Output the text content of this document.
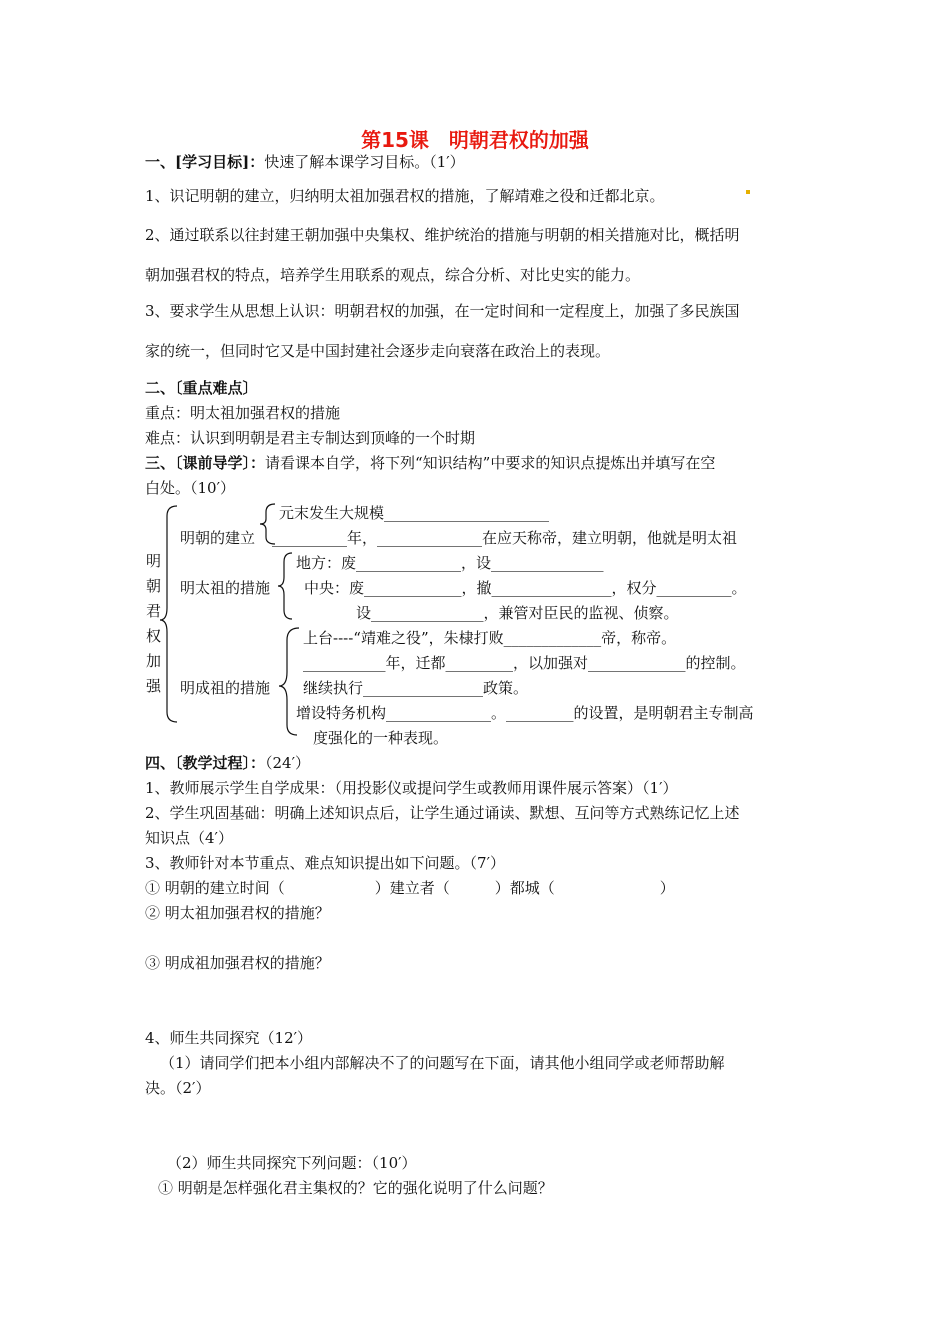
第15课　明朝君权的加强
一、[学习目标]：快速了解本课学习目标。（1′）
1、识记明朝的建立，归纳明太祖加强君权的措施，了解靖难之役和迁都北京。
2、通过联系以往封建王朝加强中央集权、维护统治的措施与明朝的相关措施对比，概括明
朝加强君权的特点，培养学生用联系的观点，综合分析、对比史实的能力。
3、要求学生从思想上认识：明朝君权的加强，在一定时间和一定程度上，加强了多民族国
家的统一，但同时它又是中国封建社会逐步走向衰落在政治上的表现。
二、〔重点难点〕
重点：明太祖加强君权的措施
难点：认识到明朝是君主专制达到顶峰的一个时期
三、〔课前导学〕：请看课本自学，将下列“知识结构”中要求的知识点提炼出并填写在空
白处。（10′）
明
朝
君
权
加
强
明朝的建立
元末发生大规模______________________
__________年，______________在应天称帝，建立明朝，他就是明太祖
明太祖的措施
地方：废______________，设_______________
中央：废_____________，撤________________，权分__________。
设_______________，兼管对臣民的监视、侦察。
明成祖的措施
上台----“靖难之役”，朱棣打败_____________帝，称帝。
___________年，迁都_________，以加强对_____________的控制。
继续执行________________政策。
增设特务机构______________。_________的设置，是明朝君主专制高
度强化的一种表现。
四、〔教学过程〕：（24′）
1、教师展示学生自学成果：（用投影仪或提问学生或教师用课件展示答案）（1′）
2、学生巩固基础：明确上述知识点后，让学生通过诵读、默想、互问等方式熟练记忆上述
知识点（4′）
3、教师针对本节重点、难点知识提出如下问题。（7′）
① 明朝的建立时间（　　　　　　）建立者（　　　）都城（　　　　　　　）
② 明太祖加强君权的措施？
③ 明成祖加强君权的措施？
4、师生共同探究（12′）
（1）请同学们把本小组内部解决不了的问题写在下面，请其他小组同学或老师帮助解
决。（2′）
（2）师生共同探究下列问题：（10′）
① 明朝是怎样强化君主集权的？它的强化说明了什么问题？
